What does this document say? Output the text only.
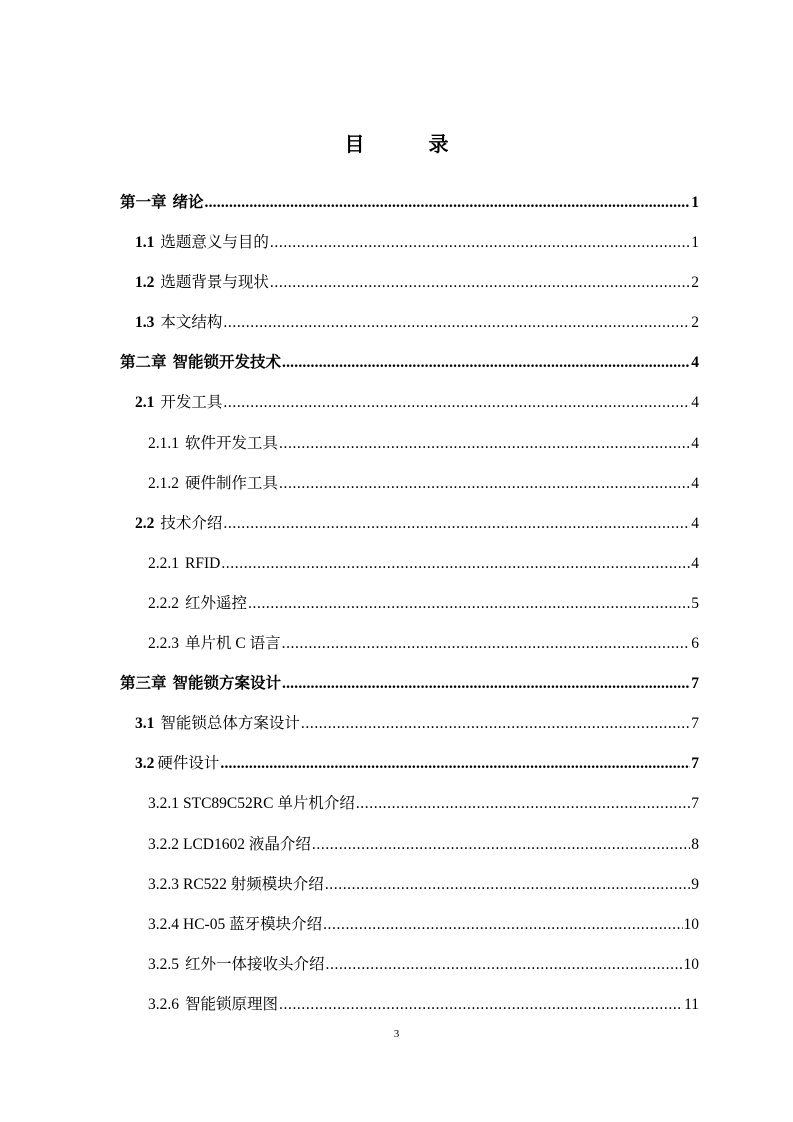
目　录
第一章 绪论 .....	1
1.1 选题意义与目的 .....	1
1.2 选题背景与现状 .....	2
1.3 本文结构 .....	2
第二章 智能锁开发技术 .....	4
2.1 开发工具 .....	4
2.1.1 软件开发工具 .....	4
2.1.2 硬件制作工具 .....	4
2.2 技术介绍 .....	4
2.2.1 RFID .....	4
2.2.2 红外遥控 .....	5
2.2.3 单片机 C 语言 .....	6
第三章 智能锁方案设计 .....	7
3.1 智能锁总体方案设计 .....	7
3.2 硬件设计 .....	7
3.2.1 STC89C52RC 单片机介绍 .....	7
3.2.2 LCD1602 液晶介绍 .....	8
3.2.3 RC522 射频模块介绍 .....	9
3.2.4 HC-05 蓝牙模块介绍 .....	10
3.2.5 红外一体接收头介绍 .....	10
3.2.6 智能锁原理图 .....	11
3
